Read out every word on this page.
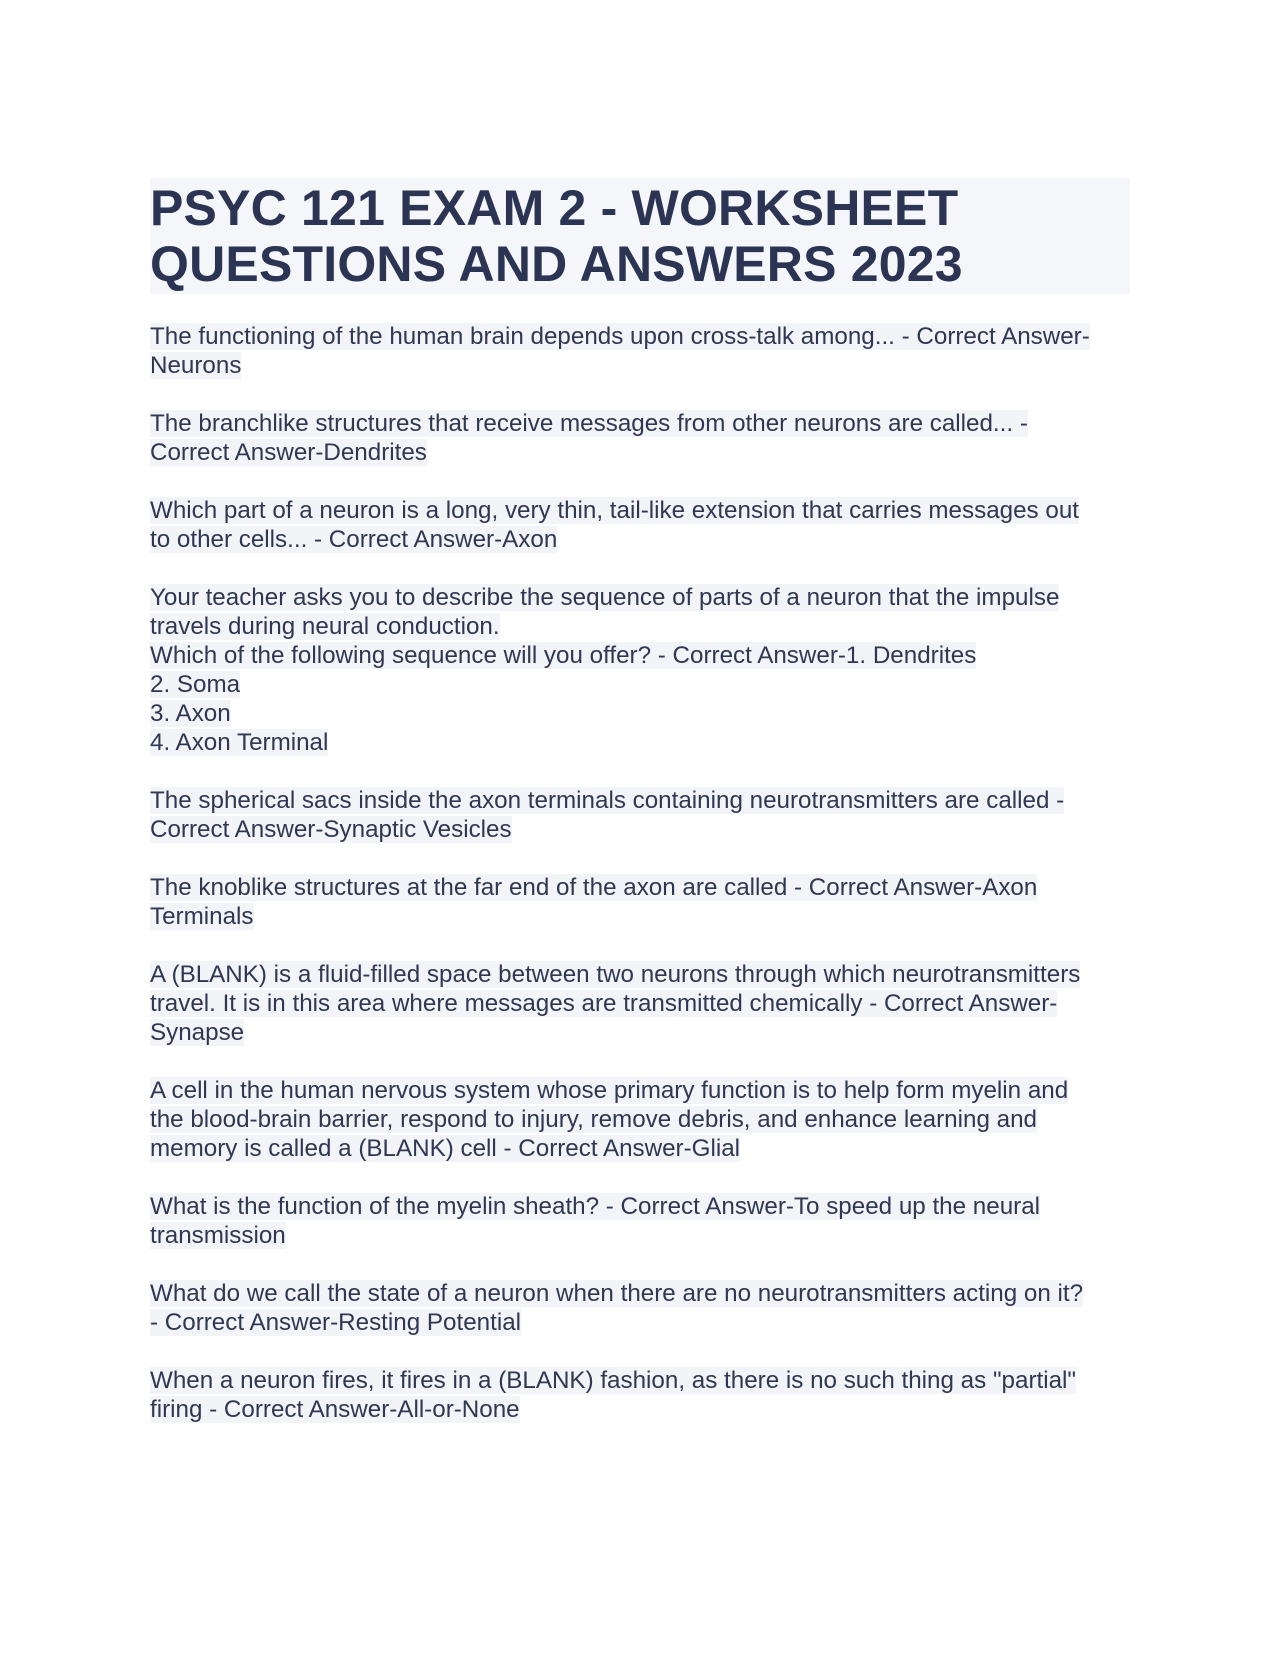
PSYC 121 EXAM 2 - WORKSHEET
QUESTIONS AND ANSWERS 2023
The functioning of the human brain depends upon cross-talk among... - Correct Answer-
Neurons
The branchlike structures that receive messages from other neurons are called... -
Correct Answer-Dendrites
Which part of a neuron is a long, very thin, tail-like extension that carries messages out
to other cells... - Correct Answer-Axon
Your teacher asks you to describe the sequence of parts of a neuron that the impulse
travels during neural conduction.
Which of the following sequence will you offer? - Correct Answer-1. Dendrites
2. Soma
3. Axon
4. Axon Terminal
The spherical sacs inside the axon terminals containing neurotransmitters are called -
Correct Answer-Synaptic Vesicles
The knoblike structures at the far end of the axon are called - Correct Answer-Axon
Terminals
A (BLANK) is a fluid-filled space between two neurons through which neurotransmitters
travel. It is in this area where messages are transmitted chemically - Correct Answer-
Synapse
A cell in the human nervous system whose primary function is to help form myelin and
the blood-brain barrier, respond to injury, remove debris, and enhance learning and
memory is called a (BLANK) cell - Correct Answer-Glial
What is the function of the myelin sheath? - Correct Answer-To speed up the neural
transmission
What do we call the state of a neuron when there are no neurotransmitters acting on it?
- Correct Answer-Resting Potential
When a neuron fires, it fires in a (BLANK) fashion, as there is no such thing as "partial"
firing - Correct Answer-All-or-None
